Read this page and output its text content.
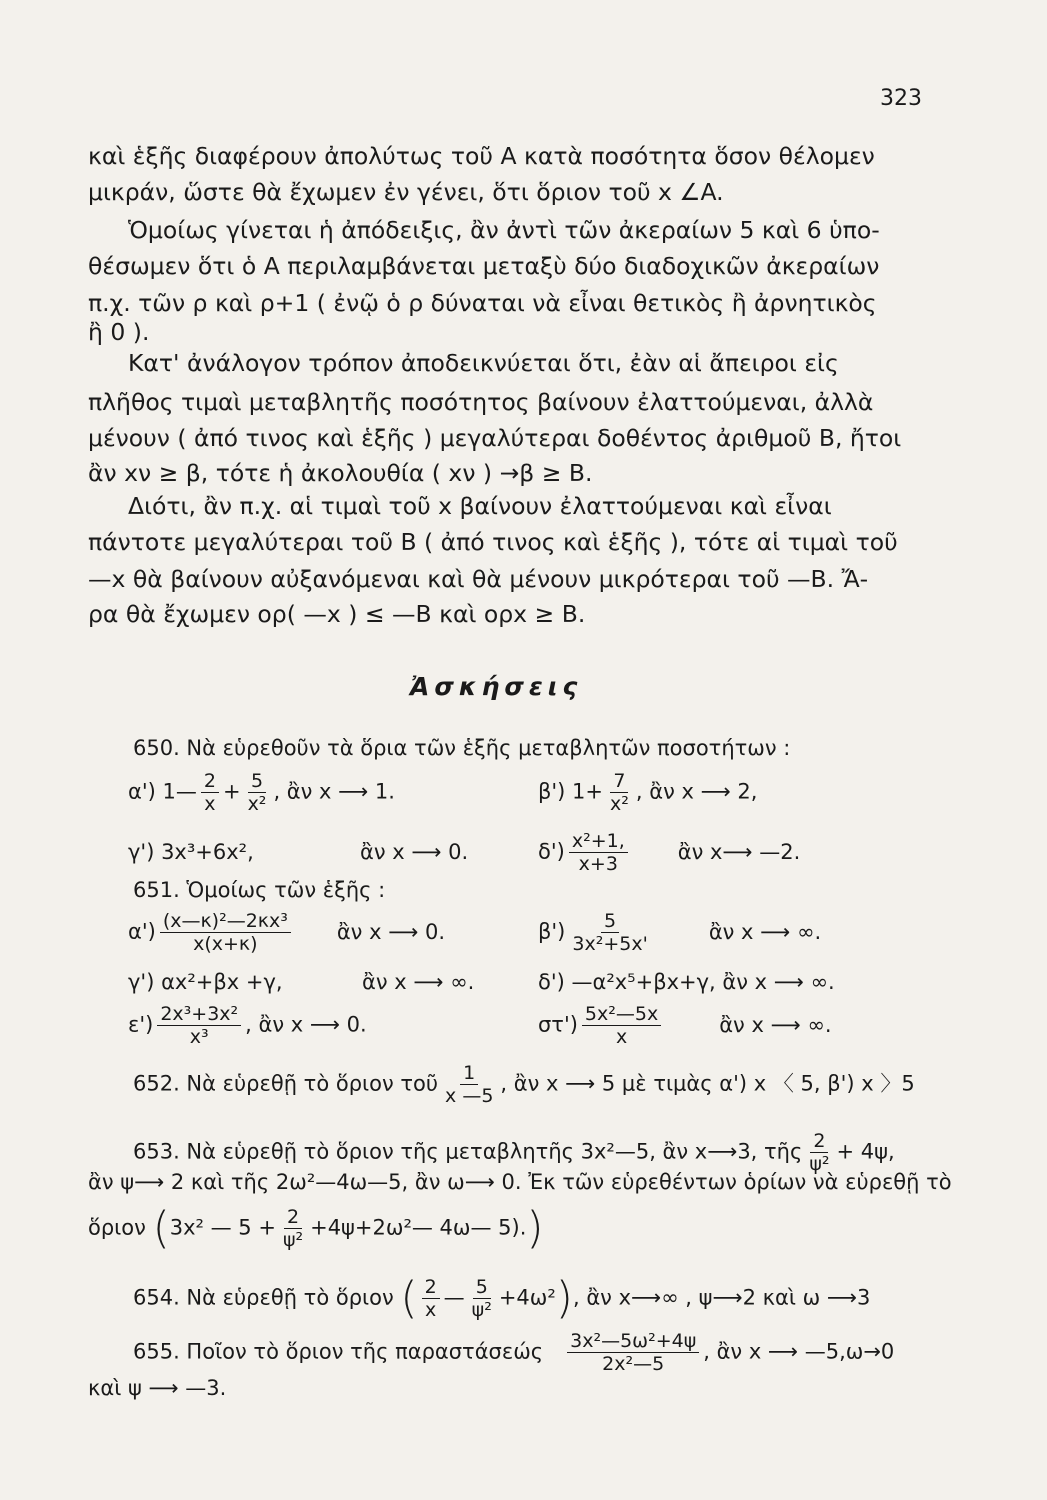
323
καὶ ἑξῆς διαφέρουν ἀπολύτως τοῦ Α κατὰ ποσότητα ὅσον θέλομεν
μικράν, ὥστε θὰ ἔχωμεν ἐν γένει, ὅτι ὅριον τοῦ x ∠A.
Ὁμοίως γίνεται ἡ ἀπόδειξις, ἂν ἀντὶ τῶν ἀκεραίων 5 καὶ 6 ὑπο-
θέσωμεν ὅτι ὁ Α περιλαμβάνεται μεταξὺ δύο διαδοχικῶν ἀκεραίων
π.χ. τῶν ρ καὶ ρ+1 ( ἐνῷ ὁ ρ δύναται νὰ εἶναι θετικὸς ἢ ἀρνητικὸς
ἢ 0 ).
Κατ' ἀνάλογον τρόπον ἀποδεικνύεται ὅτι, ἐὰν αἱ ἄπειροι εἰς
πλῆθος τιμαὶ μεταβλητῆς ποσότητος βαίνουν ἐλαττούμεναι, ἀλλὰ
μένουν ( ἀπό τινος καὶ ἑξῆς ) μεγαλύτεραι δοθέντος ἀριθμοῦ Β, ἤτοι
ἂν xν ≥ β, τότε ἡ ἀκολουθία ( xν ) →β ≥ Β.
Διότι, ἂν π.χ. αἱ τιμαὶ τοῦ x βαίνουν ἐλαττούμεναι καὶ εἶναι
πάντοτε μεγαλύτεραι τοῦ Β ( ἀπό τινος καὶ ἑξῆς ), τότε αἱ τιμαὶ τοῦ
—x θὰ βαίνουν αὐξανόμεναι καὶ θὰ μένουν μικρότεραι τοῦ —Β. Ἄ-
ρα θὰ ἔχωμεν ορ( —x ) ≤ —Β καὶ ορx ≥ Β.
Ἀσκήσεις
650. Νὰ εὑρεθοῦν τὰ ὅρια τῶν ἑξῆς μεταβλητῶν ποσοτήτων :
α') 1— $\frac{2}{x} + \frac{5}{\text{x²}}$ , ἂν x ⟶ 1.	β') $1+ \frac{7}{\text{x²}}$ , ἂν x ⟶ 2,
γ') 3x³+6x²,	ἂν x ⟶ 0.	$\delta') \frac{\text{x²+1,}}{x+3}$ ἂν x⟶ —2.
651. Ὁμοίως τῶν ἑξῆς :
$\alpha') \frac{\text{(x—κ)²—2κx³}}{x(x+\kappa)}$ ἂν x ⟶ 0.	$\beta') \frac{5}{\text{3x²+5x'}}$	ἂν x ⟶ ∞.
γ') αx²+βx +γ,	ἂν x ⟶ ∞.	δ') —α²x⁵+βx+γ, ἂν x ⟶ ∞.
$\varepsilon') \frac{\text{2x³+3x²}}{\text{x³}}$ , ἂν x ⟶ 0.	$\sigma\tau') \frac{\text{5x²—5x}}{x}$	ἂν x ⟶ ∞.
652. Νὰ εὑρεθῇ τὸ ὅριον τοῦ $\frac{1}{x —5}$ , ἂν x ⟶ 5 μὲ τιμὰς α') x 〈 5, β') x 〉5
653. Νὰ εὑρεθῇ τὸ ὅριον τῆς μεταβλητῆς 3x²—5, ἂν x⟶3, τῆς $\frac{2}{\text{ψ²}} + 4\psi$,
ἂν ψ⟶ 2 καὶ τῆς 2ω²—4ω—5, ἂν ω⟶ 0. Ἐκ τῶν εὑρεθέντων ὁρίων νὰ εὑρεθῇ τὸ
ὅριον (3x² — $5 + \frac{2}{\text{ψ²}}$ +4ψ+2ω²— 4ω— 5).)
654. Νὰ εὑρεθῇ τὸ ὅριον ( $\frac{2}{x}$ — $\frac{5}{\text{ψ²}} +4\omega^2$), ἂν x⟶∞ , ψ⟶2 καὶ ω ⟶3
655. Ποῖον τὸ ὅριον τῆς παραστάσεώς $\frac{\text{3x²—5ω²+4ψ}}{\text{2x²—5}}$ , ἂν x ⟶ —5,ω→0
καὶ ψ ⟶ —3.
